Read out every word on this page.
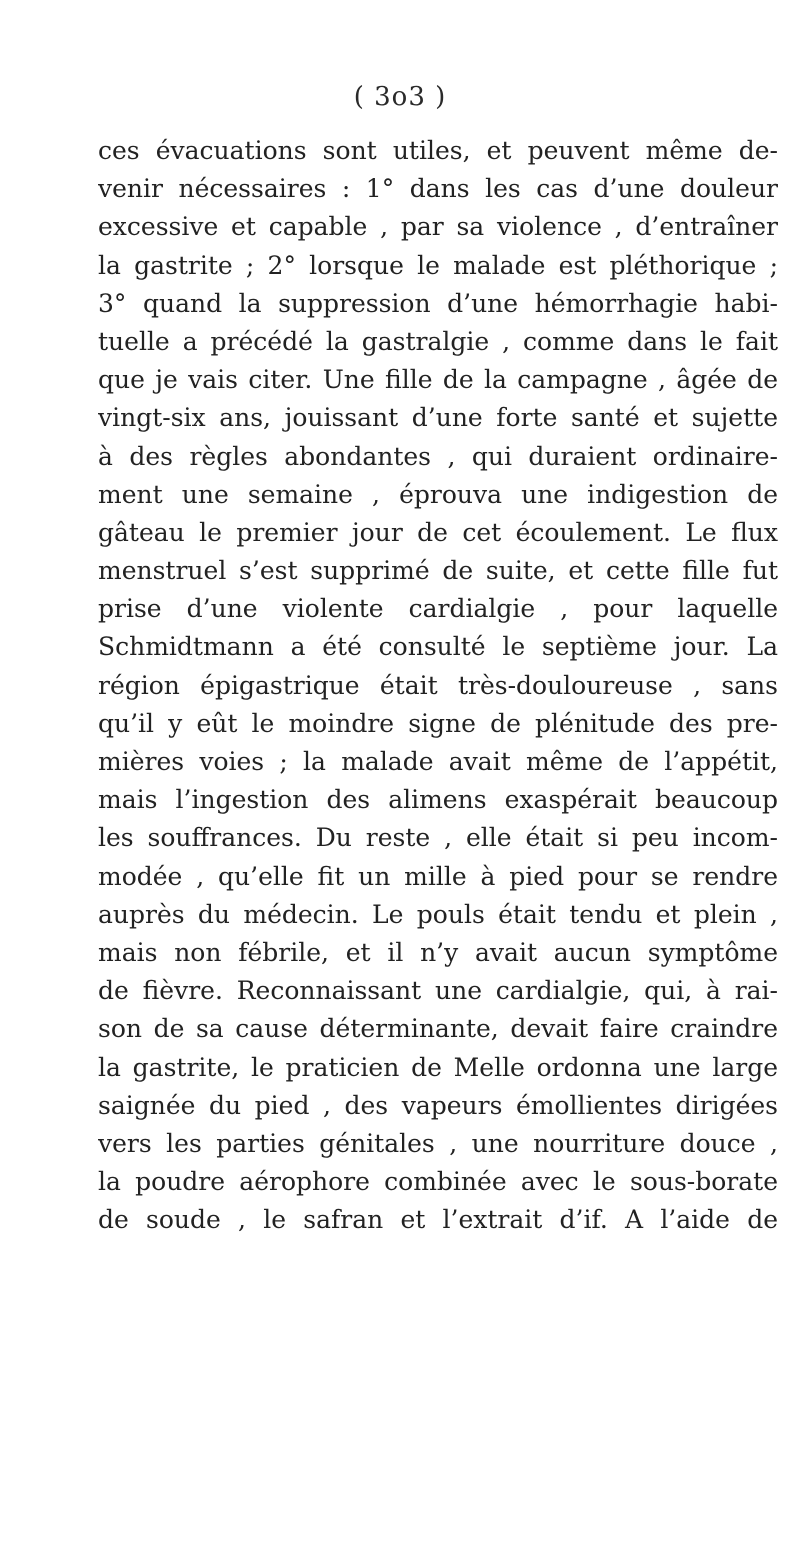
( 3o3 )
ces évacuations sont utiles, et peuvent même de-
venir nécessaires : 1° dans les cas d’une douleur
excessive et capable , par sa violence , d’entraîner
la gastrite ; 2° lorsque le malade est pléthorique ;
3° quand la suppression d’une hémorrhagie habi-
tuelle a précédé la gastralgie , comme dans le fait
que je vais citer. Une fille de la campagne , âgée de
vingt-six ans, jouissant d’une forte santé et sujette
à des règles abondantes , qui duraient ordinaire-
ment une semaine , éprouva une indigestion de
gâteau le premier jour de cet écoulement. Le flux
menstruel s’est supprimé de suite, et cette fille fut
prise d’une violente cardialgie , pour laquelle
Schmidtmann a été consulté le septième jour. La
région épigastrique était très-douloureuse , sans
qu’il y eût le moindre signe de plénitude des pre-
mières voies ; la malade avait même de l’appétit,
mais l’ingestion des alimens exaspérait beaucoup
les souffrances. Du reste , elle était si peu incom-
modée , qu’elle fit un mille à pied pour se rendre
auprès du médecin. Le pouls était tendu et plein ,
mais non fébrile, et il n’y avait aucun symptôme
de fièvre. Reconnaissant une cardialgie, qui, à rai-
son de sa cause déterminante, devait faire craindre
la gastrite, le praticien de Melle ordonna une large
saignée du pied , des vapeurs émollientes dirigées
vers les parties génitales , une nourriture douce ,
la poudre aérophore combinée avec le sous-borate
de soude , le safran et l’extrait d’if. A l’aide de
